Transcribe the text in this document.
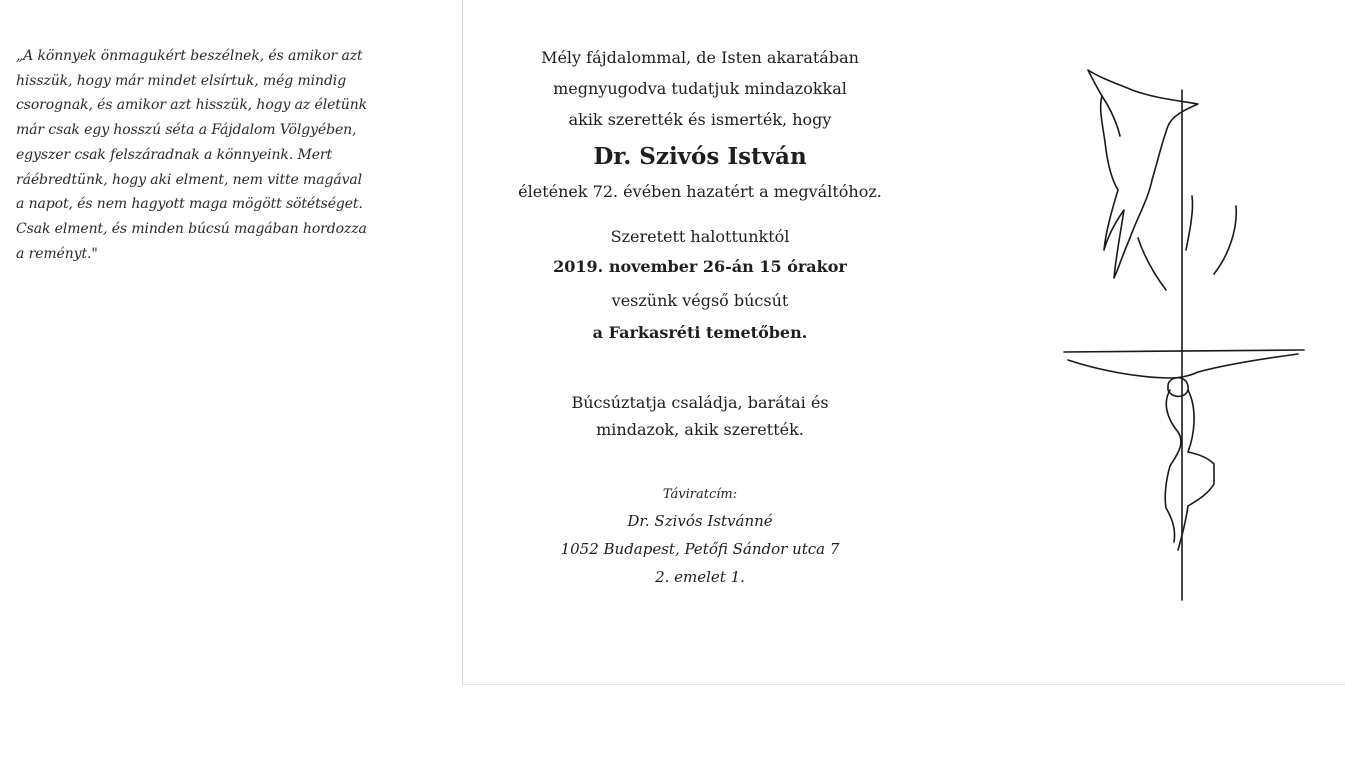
„A könnyek önmagukért beszélnek, és amikor azt
hisszük, hogy már mindet elsírtuk, még mindig
csorognak, és amikor azt hisszük, hogy az életünk
már csak egy hosszú séta a Fájdalom Völgyében,
egyszer csak felszáradnak a könnyeink. Mert
ráébredtünk, hogy aki elment, nem vitte magával
a napot, és nem hagyott maga mögött sötétséget.
Csak elment, és minden búcsú magában hordozza
a reményt."
Mély fájdalommal, de Isten akaratában
megnyugodva tudatjuk mindazokkal
akik szerették és ismerték, hogy
Dr. Szivós István
életének 72. évében hazatért a megváltóhoz.
Szeretett halottunktól
2019. november 26-án 15 órakor
veszünk végső búcsút
a Farkasréti temetőben.
Búcsúztatja családja, barátai és
mindazok, akik szerették.
Táviratcím:
Dr. Szivós Istvánné
1052 Budapest, Petőfi Sándor utca 7
2. emelet 1.
